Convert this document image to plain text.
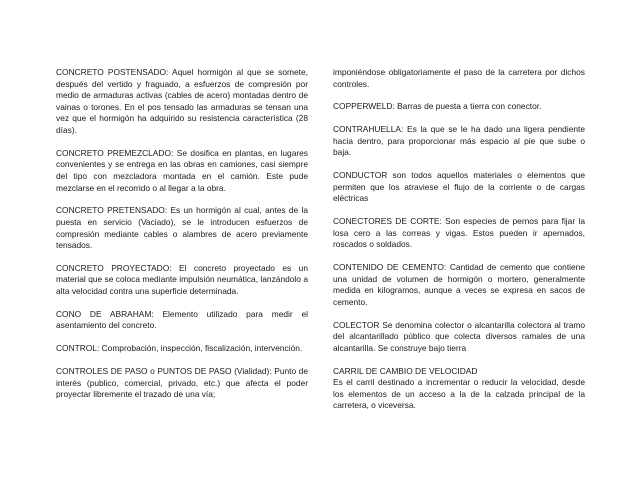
CONCRETO POSTENSADO: Aquel hormigón al que se somete, después del vertido y fraguado, a esfuerzos de compresión por medio de armaduras activas (cables de acero) montadas dentro de vainas o torones. En el pos tensado las armaduras se tensan una vez que el hormigón ha adquirido su resistencia característica (28 días).

CONCRETO PREMEZCLADO: Se dosifica en plantas, en lugares convenientes y se entrega en las obras en camiones, casi siempre del tipo con mezcladora montada en el camión. Este pude mezclarse en el recorrido o al llegar a la obra.

CONCRETO PRETENSADO: Es un hormigón al cual, antes de la puesta en servicio (Vaciado), se le introducen esfuerzos de compresión mediante cables o alambres de acero previamente tensados.

CONCRETO PROYECTADO: El concreto proyectado es un material que se coloca mediante impulsión neumática, lanzándolo a alta velocidad contra una superficie determinada.

CONO DE ABRAHAM: Elemento utilizado para medir el asentamiento del concreto.

CONTROL: Comprobación, inspección, fiscalización, intervención.

CONTROLES DE PASO o PUNTOS DE PASO (Vialidad): Punto de interés (publico, comercial, privado, etc.) que afecta el poder proyectar libremente el trazado de una vía;

imponiéndose obligatoriamente el paso de la carretera por dichos controles.

COPPERWELD: Barras de puesta a tierra con conector.

CONTRAHUELLA: Es la que se le ha dado una ligera pendiente hacia dentro, para proporcionar más espacio al pie que sube o baja.

CONDUCTOR son todos aquellos materiales o elementos que permiten que los atraviese el flujo de la corriente o de cargas eléctricas

CONECTORES DE CORTE: Son especies de pernos para fijar la losa cero a las correas y vigas. Estos pueden ir apernados, roscados o soldados.

CONTENIDO DE CEMENTO: Cantidad de cemento que contiene una unidad de volumen de hormigón o mortero, generalmente medida en kilogramos, aunque a veces se expresa en sacos de cemento.

COLECTOR Se denomina colector o alcantarilla colectora al tramo del alcantarillado público que colecta diversos ramales de una alcantarilla. Se construye bajo tierra

CARRIL DE CAMBIO DE VELOCIDAD
Es el carril destinado a incrementar o reducir la velocidad, desde los elementos de un acceso a la de la calzada principal de la carretera, o viceversa.
